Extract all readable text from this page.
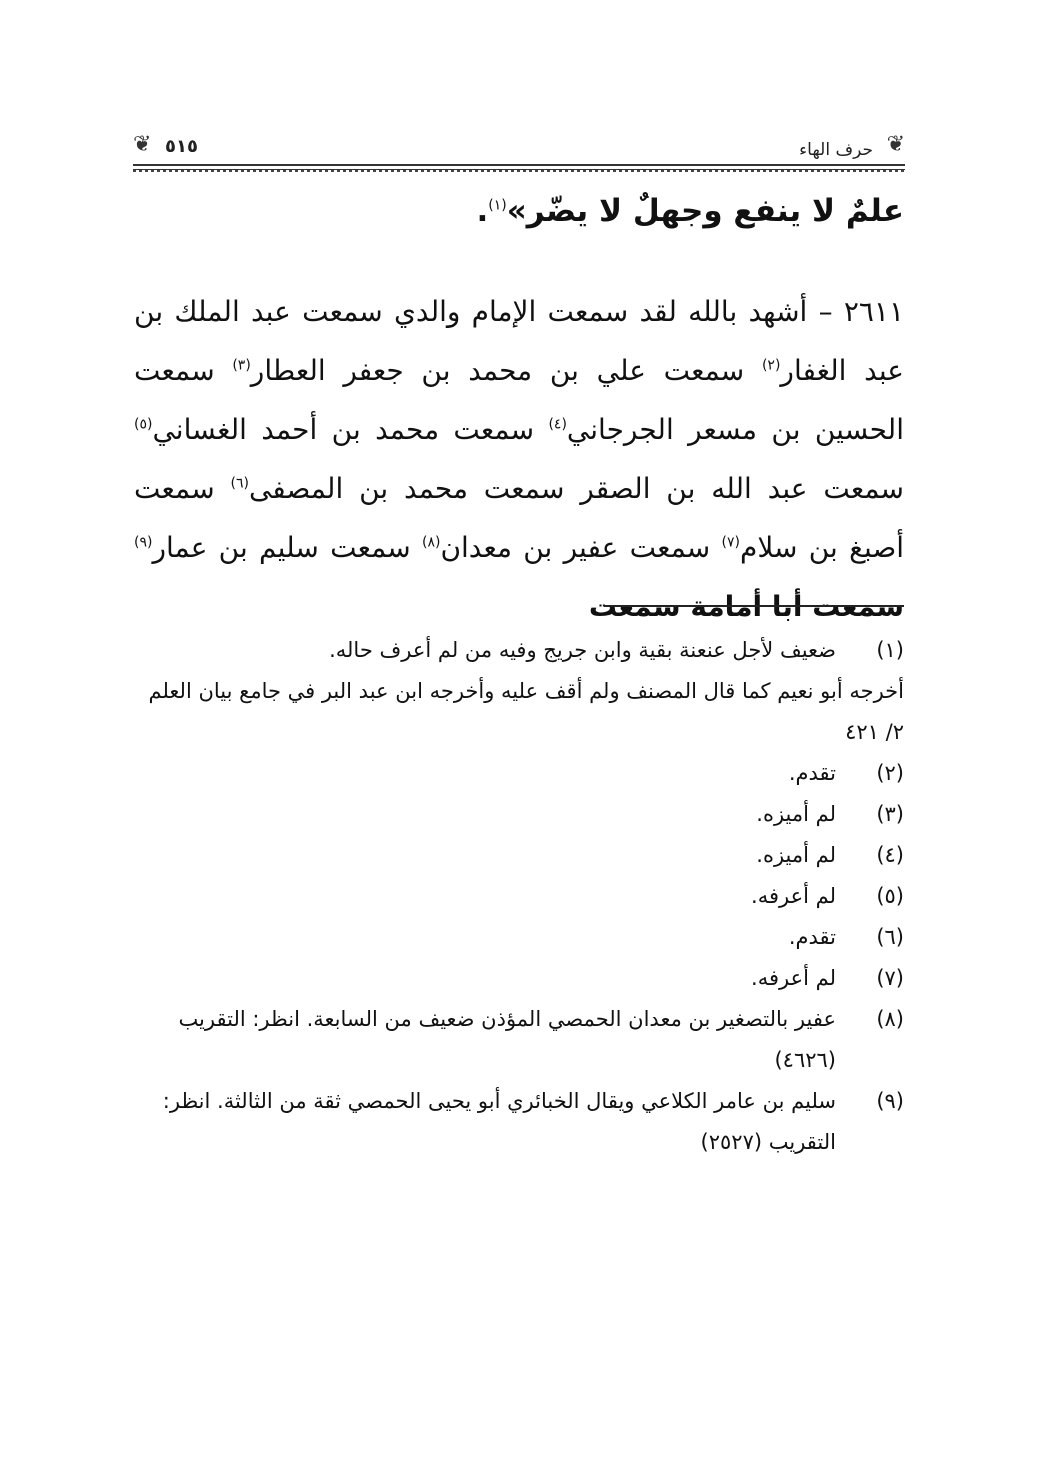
❦
حرف الهاء
٥١٥
❦
علمٌ لا ينفع وجهلٌ لا يضّر»$^{(١)}$.
٢٦١١ – أشهد بالله لقد سمعت الإمام والدي سمعت عبد الملك بن عبد الغفار$^{(٢)}$ سمعت علي بن محمد بن جعفر العطار$^{(٣)}$ سمعت الحسين بن مسعر الجرجاني$^{(٤)}$ سمعت محمد بن أحمد الغساني$^{(٥)}$ سمعت عبد الله بن الصقر سمعت محمد بن المصفى$^{(٦)}$ سمعت أصبغ بن سلام$^{(٧)}$ سمعت عفير بن معدان$^{(٨)}$ سمعت سليم بن عمار$^{(٩)}$ سمعت أبا أمامة سمعت
(١)
ضعيف لأجل عنعنة بقية وابن جريج وفيه من لم أعرف حاله.
أخرجه أبو نعيم كما قال المصنف ولم أقف عليه وأخرجه ابن عبد البر في جامع بيان العلم ٢/ ٤٢١
(٢)
تقدم.
(٣)
لم أميزه.
(٤)
لم أميزه.
(٥)
لم أعرفه.
(٦)
تقدم.
(٧)
لم أعرفه.
(٨)
عفير بالتصغير بن معدان الحمصي المؤذن ضعيف من السابعة. انظر: التقريب (٤٦٢٦)
(٩)
سليم بن عامر الكلاعي ويقال الخبائري أبو يحيى الحمصي ثقة من الثالثة. انظر: التقريب (٢٥٢٧)
